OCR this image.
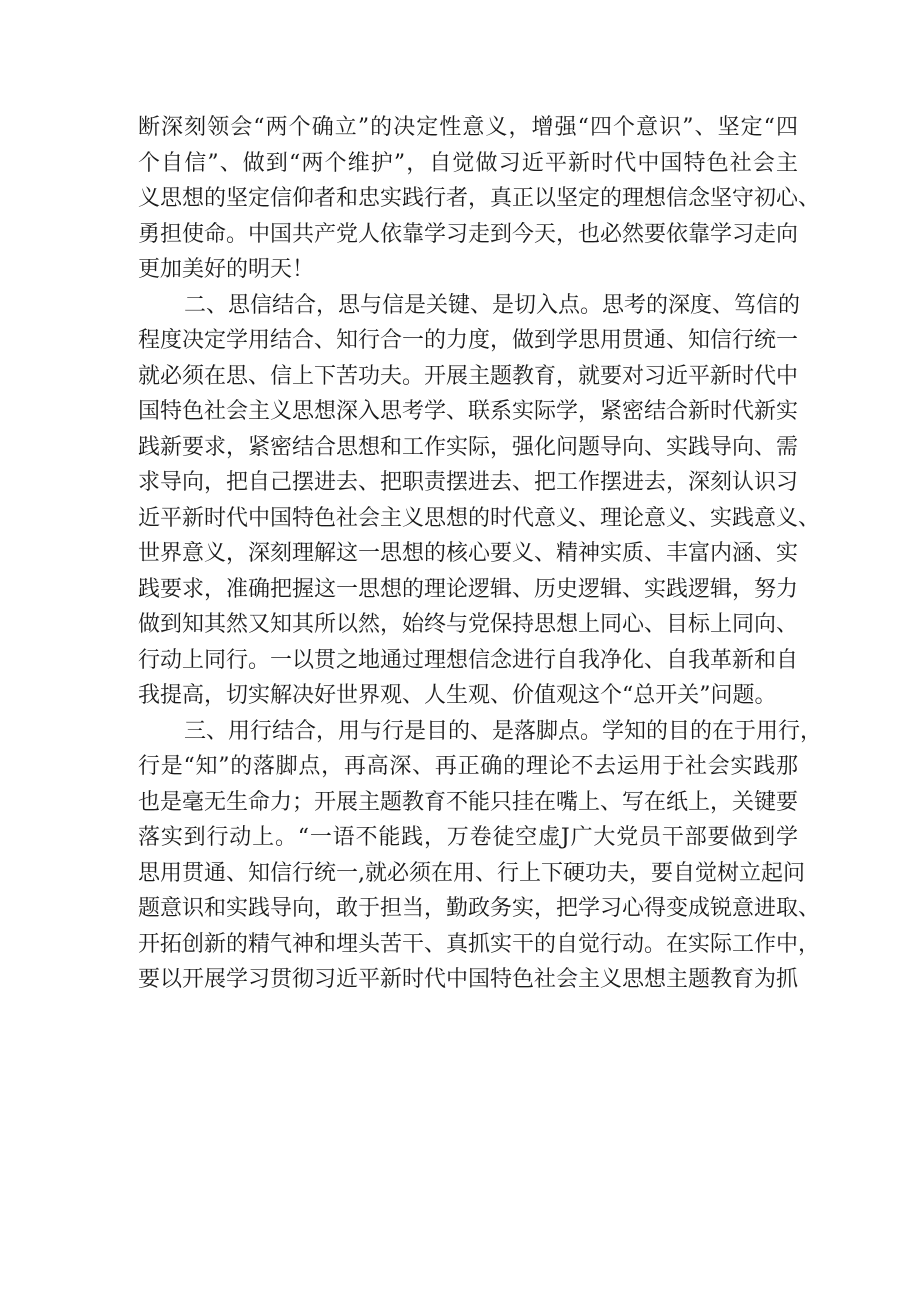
断深刻领会“两个确立”的决定性意义，增强“四个意识”、坚定“四
个自信”、做到“两个维护”，自觉做习近平新时代中国特色社会主
义思想的坚定信仰者和忠实践行者，真正以坚定的理想信念坚守初心、
勇担使命。中国共产党人依靠学习走到今天，也必然要依靠学习走向
更加美好的明天！

二、思信结合，思与信是关键、是切入点。思考的深度、笃信的
程度决定学用结合、知行合一的力度，做到学思用贯通、知信行统一
就必须在思、信上下苦功夫。开展主题教育，就要对习近平新时代中
国特色社会主义思想深入思考学、联系实际学，紧密结合新时代新实
践新要求，紧密结合思想和工作实际，强化问题导向、实践导向、需
求导向，把自己摆进去、把职责摆进去、把工作摆进去，深刻认识习
近平新时代中国特色社会主义思想的时代意义、理论意义、实践意义、
世界意义，深刻理解这一思想的核心要义、精神实质、丰富内涵、实
践要求，准确把握这一思想的理论逻辑、历史逻辑、实践逻辑，努力
做到知其然又知其所以然，始终与党保持思想上同心、目标上同向、
行动上同行。一以贯之地通过理想信念进行自我净化、自我革新和自
我提高，切实解决好世界观、人生观、价值观这个“总开关”问题。

三、用行结合，用与行是目的、是落脚点。学知的目的在于用行，
行是“知”的落脚点，再高深、再正确的理论不去运用于社会实践那
也是毫无生命力；开展主题教育不能只挂在嘴上、写在纸上，关键要
落实到行动上。“一语不能践，万卷徒空虚J广大党员干部要做到学
思用贯通、知信行统一,就必须在用、行上下硬功夫，要自觉树立起问
题意识和实践导向，敢于担当，勤政务实，把学习心得变成锐意进取、
开拓创新的精气神和埋头苦干、真抓实干的自觉行动。在实际工作中，
要以开展学习贯彻习近平新时代中国特色社会主义思想主题教育为抓
